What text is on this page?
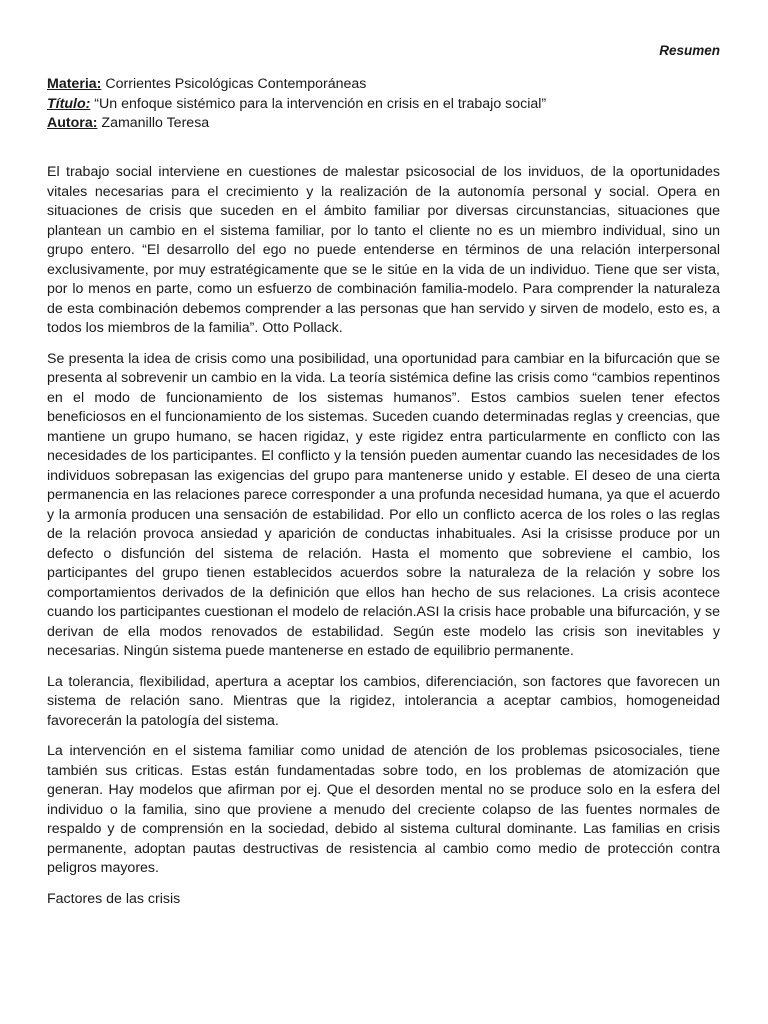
Resumen
Materia: Corrientes Psicológicas Contemporáneas
Título: “Un enfoque sistémico para la intervención en crisis en el trabajo social”
Autora: Zamanillo Teresa

El trabajo social interviene en cuestiones de malestar psicosocial de los inviduos, de la oportunidades vitales necesarias para el crecimiento y la realización de la autonomía personal y social. Opera en situaciones de crisis que suceden en el ámbito familiar por diversas circunstancias, situaciones que plantean un cambio en el sistema familiar, por lo tanto el cliente no es un miembro individual, sino un grupo entero. “El desarrollo del ego no puede entenderse en términos de una relación interpersonal exclusivamente, por muy estratégicamente que se le sitúe en la vida de un individuo. Tiene que ser vista, por lo menos en parte, como un esfuerzo de combinación familia-modelo. Para comprender la naturaleza de esta combinación debemos comprender a las personas que han servido y sirven de modelo, esto es, a todos los miembros de la familia”. Otto Pollack.

Se presenta la idea de crisis como una posibilidad, una oportunidad para cambiar en la bifurcación que se presenta al sobrevenir un cambio en la vida. La teoría sistémica define las crisis como “cambios repentinos en el modo de funcionamiento de los sistemas humanos”. Estos cambios suelen tener efectos beneficiosos en el funcionamiento de los sistemas. Suceden cuando determinadas reglas y creencias, que mantiene un grupo humano, se hacen rigidaz, y este rigidez entra particularmente en conflicto con las necesidades de los participantes. El conflicto y la tensión pueden aumentar cuando las necesidades de los individuos sobrepasan las exigencias del grupo para mantenerse unido y estable. El deseo de una cierta permanencia en las relaciones parece corresponder a una profunda necesidad humana, ya que el acuerdo y la armonía producen una sensación de estabilidad. Por ello un conflicto acerca de los roles o las reglas de la relación provoca ansiedad y aparición de conductas inhabituales. Asi la crisisse produce por un defecto o disfunción del sistema de relación. Hasta el momento que sobreviene el cambio, los participantes del grupo tienen establecidos acuerdos sobre la naturaleza de la relación y sobre los comportamientos derivados de la definición que ellos han hecho de sus relaciones. La crisis acontece cuando los participantes cuestionan el modelo de relación.ASI la crisis hace probable una bifurcación, y se derivan de ella modos renovados de estabilidad. Según este modelo las crisis son inevitables y necesarias. Ningún sistema puede mantenerse en estado de equilibrio permanente.

La tolerancia, flexibilidad, apertura a aceptar los cambios, diferenciación, son factores que favorecen un sistema de relación sano. Mientras que la rigidez, intolerancia a aceptar cambios, homogeneidad favorecerán la patología del sistema.

La intervención en el sistema familiar como unidad de atención de los problemas psicosociales, tiene también sus criticas. Estas están fundamentadas sobre todo, en los problemas de atomización que generan. Hay modelos que afirman por ej. Que el desorden mental no se produce solo en la esfera del individuo o la familia, sino que proviene a menudo del creciente colapso de las fuentes normales de respaldo y de comprensión en la sociedad, debido al sistema cultural dominante. Las familias en crisis permanente, adoptan pautas destructivas de resistencia al cambio como medio de protección contra peligros mayores.

Factores de las crisis
